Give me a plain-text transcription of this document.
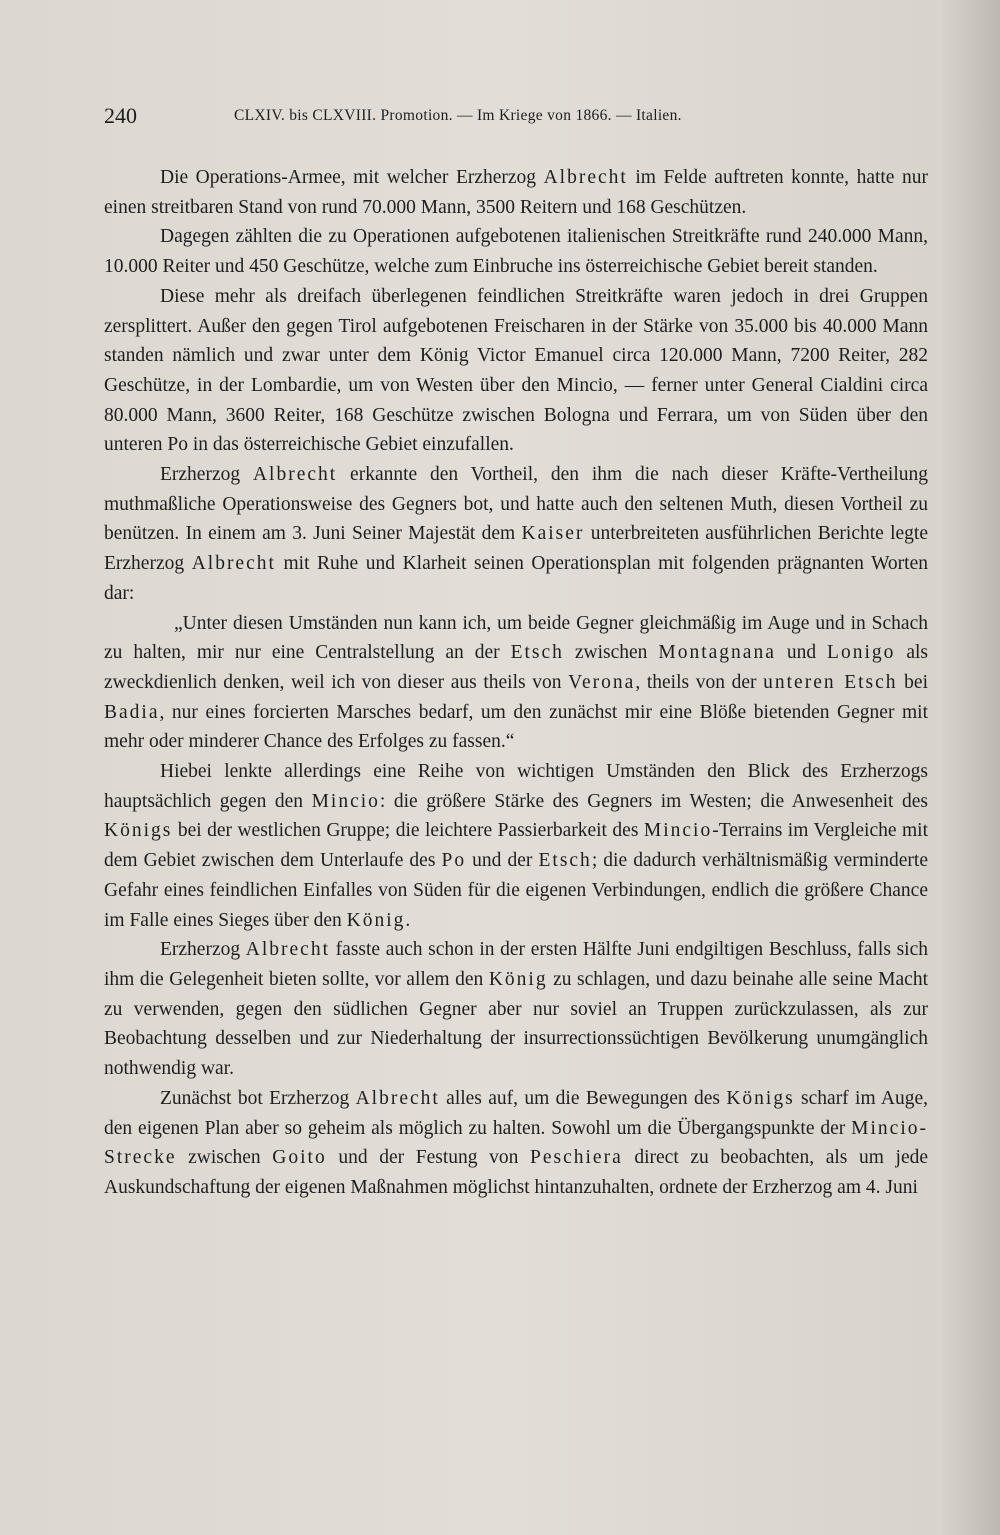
240	CLXIV. bis CLXVIII. Promotion. — Im Kriege von 1866. — Italien.

Die Operations-Armee, mit welcher Erzherzog Albrecht im Felde auftreten konnte, hatte nur einen streitbaren Stand von rund 70.000 Mann, 3500 Reitern und 168 Geschützen.

Dagegen zählten die zu Operationen aufgebotenen italienischen Streitkräfte rund 240.000 Mann, 10.000 Reiter und 450 Geschütze, welche zum Einbruche ins österreichische Gebiet bereit standen.

Diese mehr als dreifach überlegenen feindlichen Streitkräfte waren jedoch in drei Gruppen zersplittert. Außer den gegen Tirol aufgebotenen Freischaren in der Stärke von 35.000 bis 40.000 Mann standen nämlich und zwar unter dem König Victor Emanuel circa 120.000 Mann, 7200 Reiter, 282 Geschütze, in der Lombardie, um von Westen über den Mincio, — ferner unter General Cialdini circa 80.000 Mann, 3600 Reiter, 168 Geschütze zwischen Bologna und Ferrara, um von Süden über den unteren Po in das österreichische Gebiet einzufallen.

Erzherzog Albrecht erkannte den Vortheil, den ihm die nach dieser Kräfte-Vertheilung muthmaßliche Operationsweise des Gegners bot, und hatte auch den seltenen Muth, diesen Vortheil zu benützen. In einem am 3. Juni Seiner Majestät dem Kaiser unterbreiteten ausführlichen Berichte legte Erzherzog Albrecht mit Ruhe und Klarheit seinen Operationsplan mit folgenden prägnanten Worten dar:

„Unter diesen Umständen nun kann ich, um beide Gegner gleichmäßig im Auge und in Schach zu halten, mir nur eine Centralstellung an der Etsch zwischen Montagnana und Lonigo als zweckdienlich denken, weil ich von dieser aus theils von Verona, theils von der unteren Etsch bei Badia, nur eines forcierten Marsches bedarf, um den zunächst mir eine Blöße bietenden Gegner mit mehr oder minderer Chance des Erfolges zu fassen.“

Hiebei lenkte allerdings eine Reihe von wichtigen Umständen den Blick des Erzherzogs hauptsächlich gegen den Mincio: die größere Stärke des Gegners im Westen; die Anwesenheit des Königs bei der westlichen Gruppe; die leichtere Passierbarkeit des Mincio-Terrains im Vergleiche mit dem Gebiet zwischen dem Unterlaufe des Po und der Etsch; die dadurch verhältnismäßig verminderte Gefahr eines feindlichen Einfalles von Süden für die eigenen Verbindungen, endlich die größere Chance im Falle eines Sieges über den König.

Erzherzog Albrecht fasste auch schon in der ersten Hälfte Juni endgiltigen Beschluss, falls sich ihm die Gelegenheit bieten sollte, vor allem den König zu schlagen, und dazu beinahe alle seine Macht zu verwenden, gegen den südlichen Gegner aber nur soviel an Truppen zurückzulassen, als zur Beobachtung desselben und zur Niederhaltung der insurrectionssüchtigen Bevölkerung unumgänglich nothwendig war.

Zunächst bot Erzherzog Albrecht alles auf, um die Bewegungen des Königs scharf im Auge, den eigenen Plan aber so geheim als möglich zu halten. Sowohl um die Übergangspunkte der Mincio-Strecke zwischen Goito und der Festung von Peschiera direct zu beobachten, als um jede Auskundschaftung der eigenen Maßnahmen möglichst hintanzuhalten, ordnete der Erzherzog am 4. Juni
